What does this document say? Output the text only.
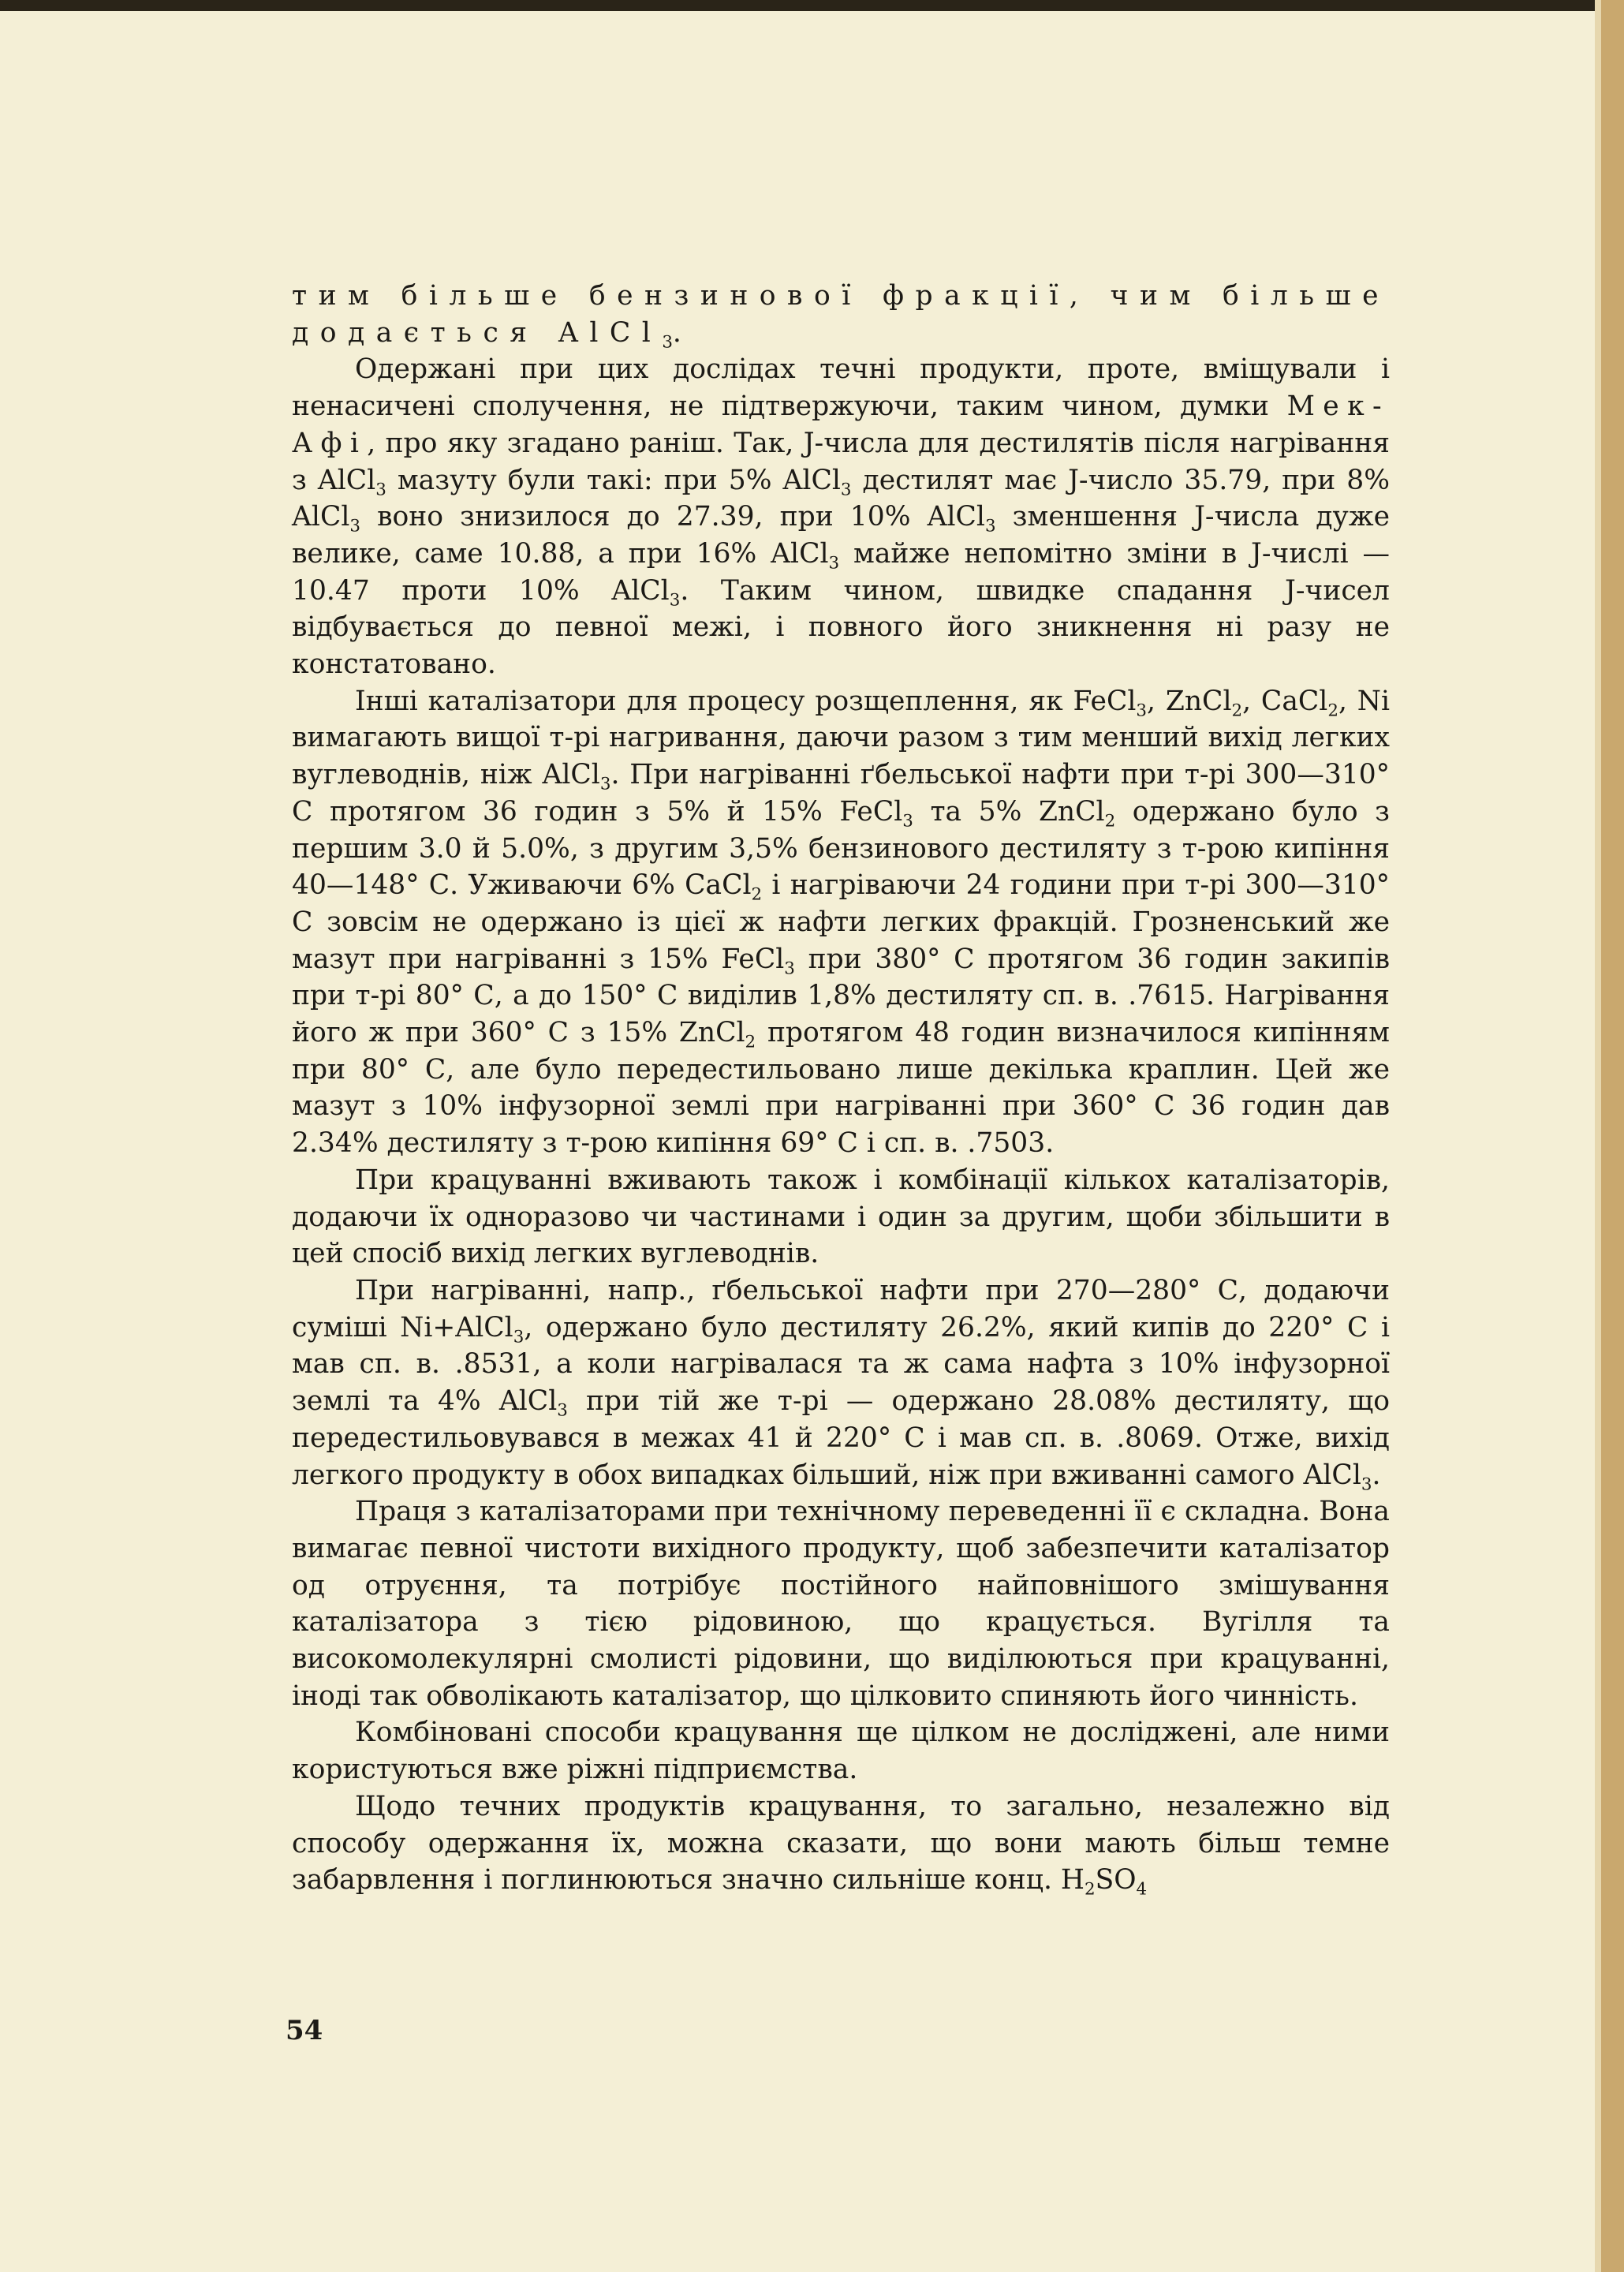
тим більше бензинової фракції, чим більше додається AlCl$_3$.

Одержані при цих дослідах течні продукти, проте, вміщували і ненасичені сполучення, не підтвержуючи, таким чином, думки Мек-Афі, про яку згадано раніш. Так, J-числа для дестилятів після нагрівання з AlCl$_3$ мазуту були такі: при 5% AlCl$_3$ дестилят має J-число 35.79, при 8% AlCl$_3$ воно знизилося до 27.39, при 10% AlCl$_3$ зменшення J-числа дуже велике, саме 10.88, а при 16% AlCl$_3$ майже непомітно зміни в J-числі — 10.47 проти 10% AlCl$_3$. Таким чином, швидке спадання J-чисел відбувається до певної межі, і повного його зникнення ні разу не констатовано.

Інші каталізатори для процесу розщеплення, як FeCl$_3$, ZnCl$_2$, CaCl$_2$, Ni вимагають вищої т-рі нагривання, даючи разом з тим менший вихід легких вуглеводнів, ніж AlCl$_3$. При нагріванні ґбельської нафти при т-рі 300—310° С протягом 36 годин з 5% й 15% FeCl$_3$ та 5% ZnCl$_2$ одержано було з першим 3.0 й 5.0%, з другим 3,5% бензинового дестиляту з т-рою кипіння 40—148° С. Уживаючи 6% CaCl$_2$ і нагріваючи 24 години при т-рі 300—310° С зовсім не одержано із цієї ж нафти легких фракцій. Грозненський же мазут при нагріванні з 15% FeCl$_3$ при 380° С протягом 36 годин закипів при т-рі 80° С, а до 150° С виділив 1,8% дестиляту сп. в. .7615. Нагрівання його ж при 360° С з 15% ZnCl$_2$ протягом 48 годин визначилося кипінням при 80° С, але було передестильовано лише декілька краплин. Цей же мазут з 10% інфузорної землі при нагріванні при 360° С 36 годин дав 2.34% дестиляту з т-рою кипіння 69° С і сп. в. .7503.

При крацуванні вживають також і комбінації кількох каталізаторів, додаючи їх одноразово чи частинами і один за другим, щоби збільшити в цей спосіб вихід легких вуглеводнів.

При нагріванні, напр., ґбельської нафти при 270—280° С, додаючи суміші Ni+AlCl$_3$, одержано було дестиляту 26.2%, який кипів до 220° С і мав сп. в. .8531, а коли нагрівалася та ж сама нафта з 10% інфузорної землі та 4% AlCl$_3$ при тій же т-рі — одержано 28.08% дестиляту, що передестильовувався в межах 41 й 220° С і мав сп. в. .8069. Отже, вихід легкого продукту в обох випадках більший, ніж при вживанні самого AlCl$_3$.

Праця з каталізаторами при технічному переведенні її є складна. Вона вимагає певної чистоти вихідного продукту, щоб забезпечити каталізатор од отруєння, та потрібує постійного найповнішого змішування каталізатора з тією рідовиною, що крацується. Вугілля та високомолекулярні смолисті рідовини, що виділюються при крацуванні, іноді так обволікають каталізатор, що цілковито спиняють його чинність.

Комбіновані способи крацування ще цілком не досліджені, але ними користуються вже ріжні підприємства.

Щодо течних продуктів крацування, то загально, незалежно від способу одержання їх, можна сказати, що вони мають більш темне забарвлення і поглинюються значно сильніше конц. $H_2SO_4$

54
